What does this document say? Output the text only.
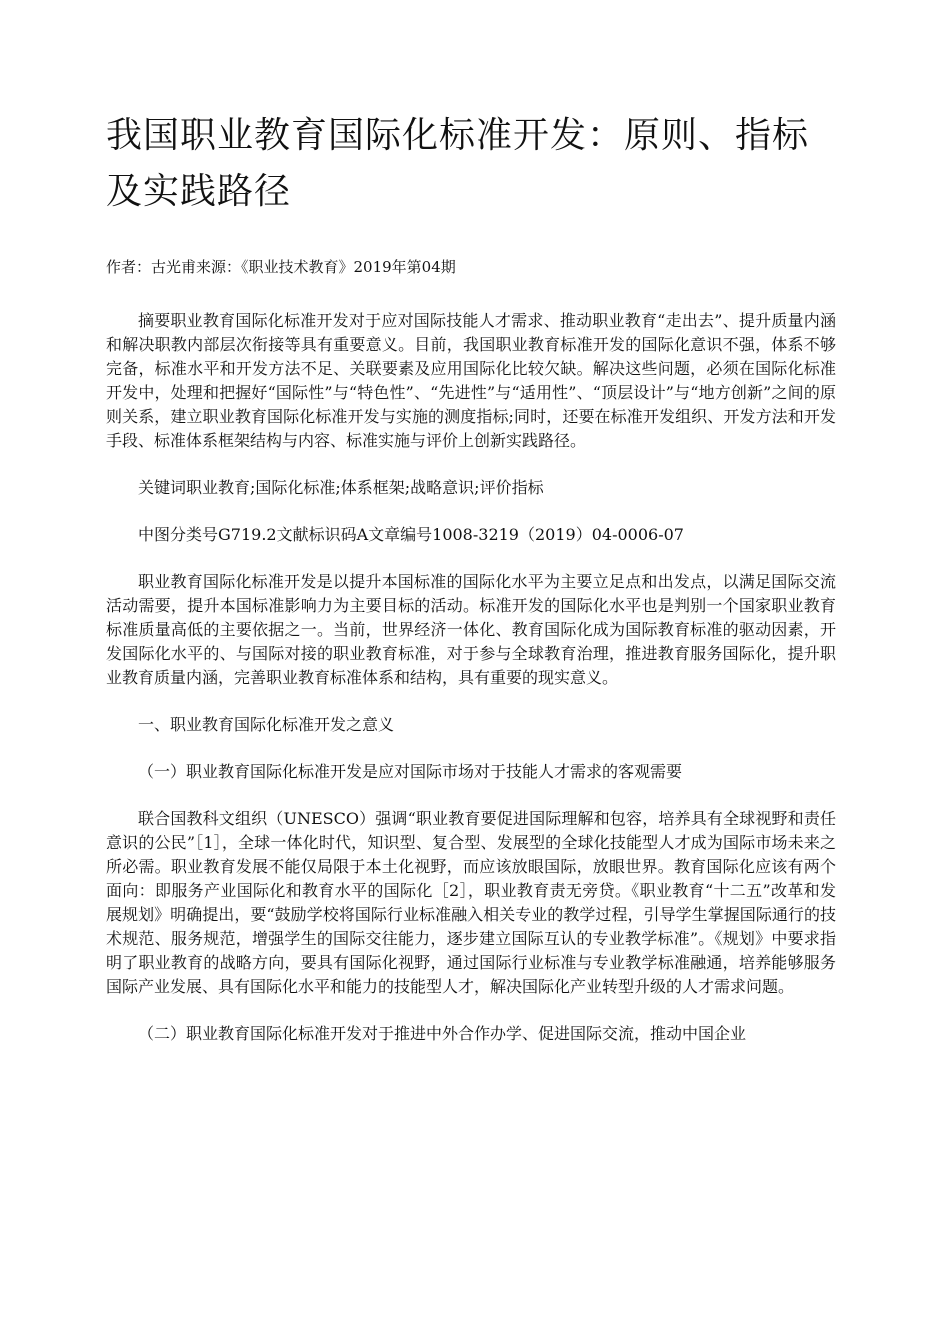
我国职业教育国际化标准开发：原则、指标及实践路径

作者：古光甫来源：《职业技术教育》2019年第04期

摘要职业教育国际化标准开发对于应对国际技能人才需求、推动职业教育“走出去”、提升质量内涵和解决职教内部层次衔接等具有重要意义。目前，我国职业教育标准开发的国际化意识不强，体系不够完备，标准水平和开发方法不足、关联要素及应用国际化比较欠缺。解决这些问题，必须在国际化标准开发中，处理和把握好“国际性”与“特色性”、“先进性”与“适用性”、“顶层设计”与“地方创新”之间的原则关系，建立职业教育国际化标准开发与实施的测度指标;同时，还要在标准开发组织、开发方法和开发手段、标准体系框架结构与内容、标准实施与评价上创新实践路径。

关键词职业教育;国际化标准;体系框架;战略意识;评价指标

中图分类号G719.2文献标识码A文章编号1008-3219（2019）04-0006-07

职业教育国际化标准开发是以提升本国标准的国际化水平为主要立足点和出发点，以满足国际交流活动需要，提升本国标准影响力为主要目标的活动。标准开发的国际化水平也是判别一个国家职业教育标准质量高低的主要依据之一。当前，世界经济一体化、教育国际化成为国际教育标准的驱动因素，开发国际化水平的、与国际对接的职业教育标准，对于参与全球教育治理，推进教育服务国际化，提升职业教育质量内涵，完善职业教育标准体系和结构，具有重要的现实意义。

一、职业教育国际化标准开发之意义

（一）职业教育国际化标准开发是应对国际市场对于技能人才需求的客观需要

联合国教科文组织（UNESCO）强调“职业教育要促进国际理解和包容，培养具有全球视野和责任意识的公民”［1］，全球一体化时代，知识型、复合型、发展型的全球化技能型人才成为国际市场未来之所必需。职业教育发展不能仅局限于本土化视野，而应该放眼国际，放眼世界。教育国际化应该有两个面向：即服务产业国际化和教育水平的国际化［2］，职业教育责无旁贷。《职业教育“十二五”改革和发展规划》明确提出，要“鼓励学校将国际行业标准融入相关专业的教学过程，引导学生掌握国际通行的技术规范、服务规范，增强学生的国际交往能力，逐步建立国际互认的专业教学标准”。《规划》中要求指明了职业教育的战略方向，要具有国际化视野，通过国际行业标准与专业教学标准融通，培养能够服务国际产业发展、具有国际化水平和能力的技能型人才，解决国际化产业转型升级的人才需求问题。

（二）职业教育国际化标准开发对于推进中外合作办学、促进国际交流，推动中国企业
